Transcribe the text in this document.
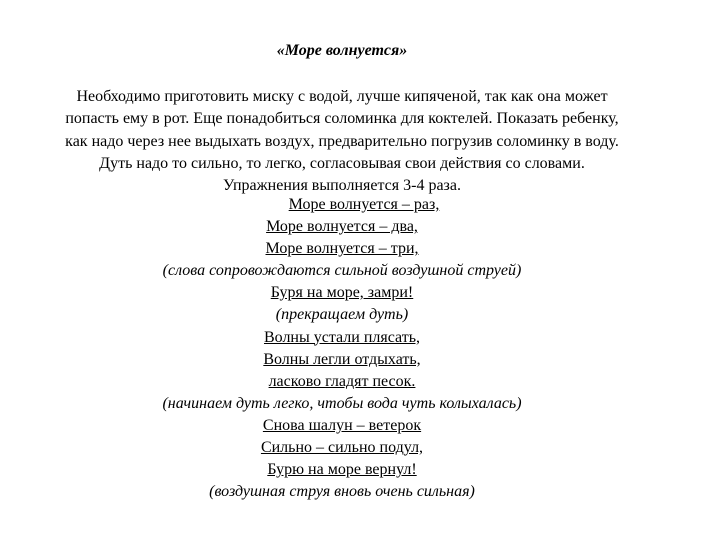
«Море волнуется»
Необходимо приготовить миску с водой, лучше кипяченой, так как она может
попасть ему в рот. Еще понадобиться соломинка для коктелей. Показать ребенку,
как надо через нее выдыхать воздух, предварительно погрузив соломинку в воду.
Дуть надо то сильно, то легко, согласовывая свои действия со словами.
Упражнения выполняется 3-4 раза.
Море волнуется – раз,
Море волнуется – два,
Море волнуется – три,
(слова сопровождаются сильной воздушной струей)
Буря на море, замри!
(прекращаем дуть)
Волны устали плясать,
Волны легли отдыхать,
ласково гладят песок.
(начинаем дуть легко, чтобы вода чуть колыхалась)
Снова шалун – ветерок
Сильно – сильно подул,
Бурю на море вернул!
(воздушная струя вновь очень сильная)
